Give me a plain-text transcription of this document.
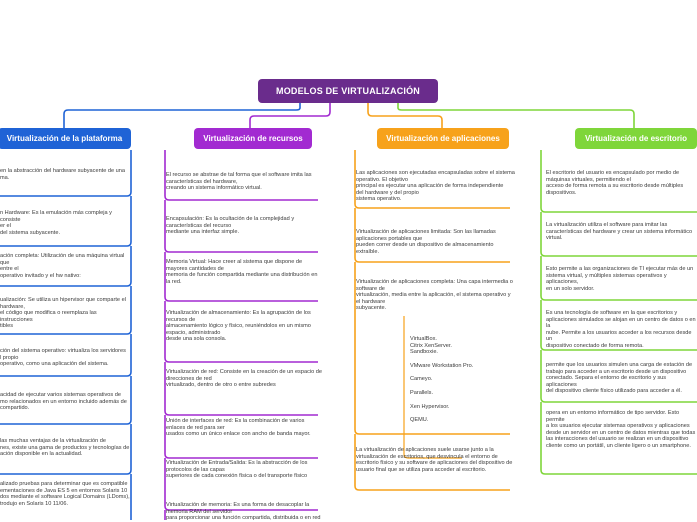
MODELOS DE VIRTUALIZACIÓN
Virtualización de la plataforma	Virtualización de recursos	Virtualización de aplicaciones	Virtualización de escritorio
en la abstracción del hardware subyacente de una
ma.
n Hardware: Es la emulación más compleja y consiste
er el
del sistema subyacente.
ación completa: Utilización de una máquina virtual que
entre el
operativo invitado y el hw nativo:
ualización: Se utiliza un hipervisor que comparte el
hardware,
el código que modifica o reemplaza las instrucciones
tibles
ción del sistema operativo: virtualiza los servidores
l propio
operativo, como una aplicación del sistema.
acidad de ejecutar varios sistemas operativos de
mo relacionados en un entorno incluido además de
compartido.
las muchas ventajas de la virtualización de
nes, existe una gama de productos y tecnologías de
ación disponible en la actualidad.
alizado pruebas para determinar que es compatible
ementaciones de Java ES 5 en entornos Solaris 10
dos mediante el software Logical Domains (LDoms),
trodujo en Solaris 10 11/06.
El recurso se abstrae de tal forma que el software imita las
características del hardware,
creando un sistema informático virtual.
Encapsulación: Es la ocultación de la complejidad y
características del recurso
mediante una interfaz simple.
Memoria Virtual: Hace creer al sistema que dispone de
mayores cantidades de
memoria de función compartida mediante una distribución en
la red.
Virtualización de almacenamiento: Es la agrupación de los
recursos de
almacenamiento lógico y físico, reuniéndolos en un mismo
espacio, administrado
desde una sola consola.
Virtualización de red: Consiste en la creación de un espacio de
direcciones de red
virtualizado, dentro de otro o entre subredes
Unión de interfaces de red: Es la combinación de varios
enlaces de red para ser
usados como un único enlace con ancho de banda mayor.
Virtualización de Entrada/Salida: Es la abstracción de los
protocolos de las capas
superiores de cada conexión física o del transporte físico
Virtualización de memoria: Es una forma de desacoplar la
memoria RAM del servidor
para proporcionar una función compartida, distribuida o en red
Las aplicaciones son ejecutadas encapsuladas sobre el sistema
operativo. El objetivo
principal es ejecutar una aplicación de forma independiente
del hardware y del propio
sistema operativo.
Virtualización de aplicaciones limitada: Son las llamadas
aplicaciones portables que
pueden correr desde un dispositivo de almacenamiento
extraíble.
Virtualización de aplicaciones completa: Una capa intermedia o
software de
virtualización, media entre la aplicación, el sistema operativo y
el hardware
subyacente.
La virtualización de aplicaciones suele usarse junto a la
virtualización de escritorios, que desvincula el entorno de
escritorio físico y su software de aplicaciones del dispositivo de
usuario final que se utiliza para acceder al escritorio.
VirtualBox.
Citrix XenServer.
Sandboxie.
VMware Workstation Pro.
Cameyo.
Parallels.
Xen Hypervisor.
QEMU.
El escritorio del usuario es encapsulado por medio de
máquinas virtuales, permitiendo el
acceso de forma remota a su escritorio desde múltiples
dispositivos.
La virtualización utiliza el software para imitar las
características del hardware y crear un sistema informático
virtual.
Esto permite a las organizaciones de TI ejecutar más de un
sistema virtual, y múltiples sistemas operativos y aplicaciones,
en un solo servidor.
Es una tecnología de software en la que escritorios y
aplicaciones simulados se alojan en un centro de datos o en la
nube. Permite a los usuarios acceder a los recursos desde un
dispositivo conectado de forma remota.
permite que los usuarios simulen una carga de estación de
trabajo para acceder a un escritorio desde un dispositivo
conectado. Separa el entorno de escritorio y sus aplicaciones
del dispositivo cliente físico utilizado para acceder a él.
opera en un entorno informático de tipo servidor. Esto permite
a los usuarios ejecutar sistemas operativos y aplicaciones
desde un servidor en un centro de datos mientras que todas
las interacciones del usuario se realizan en un dispositivo
cliente como un portátil, un cliente ligero o un smartphone.
